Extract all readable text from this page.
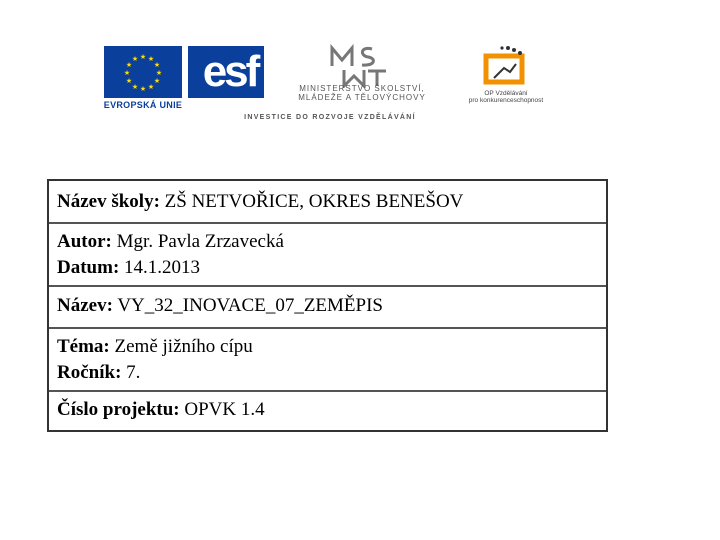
★ ★
★
★
★
★
★
★
★
★
★
★
EVROPSKÁ UNIE
esf	MINISTERSTVO ŠKOLSTVÍ,
MLÁDEŽE A TĚLOVÝCHOVY	OP Vzdělávání
pro konkurenceschopnost
INVESTICE DO ROZVOJE VZDĚLÁVÁNÍ
Název školy: ZŠ NETVOŘICE, OKRES BENEŠOV
Autor: Mgr. Pavla Zrzavecká
Datum: 14.1.2013
Název: VY_32_INOVACE_07_ZEMĚPIS
Téma: Země jižního cípu
Ročník: 7.
Číslo projektu: OPVK 1.4
